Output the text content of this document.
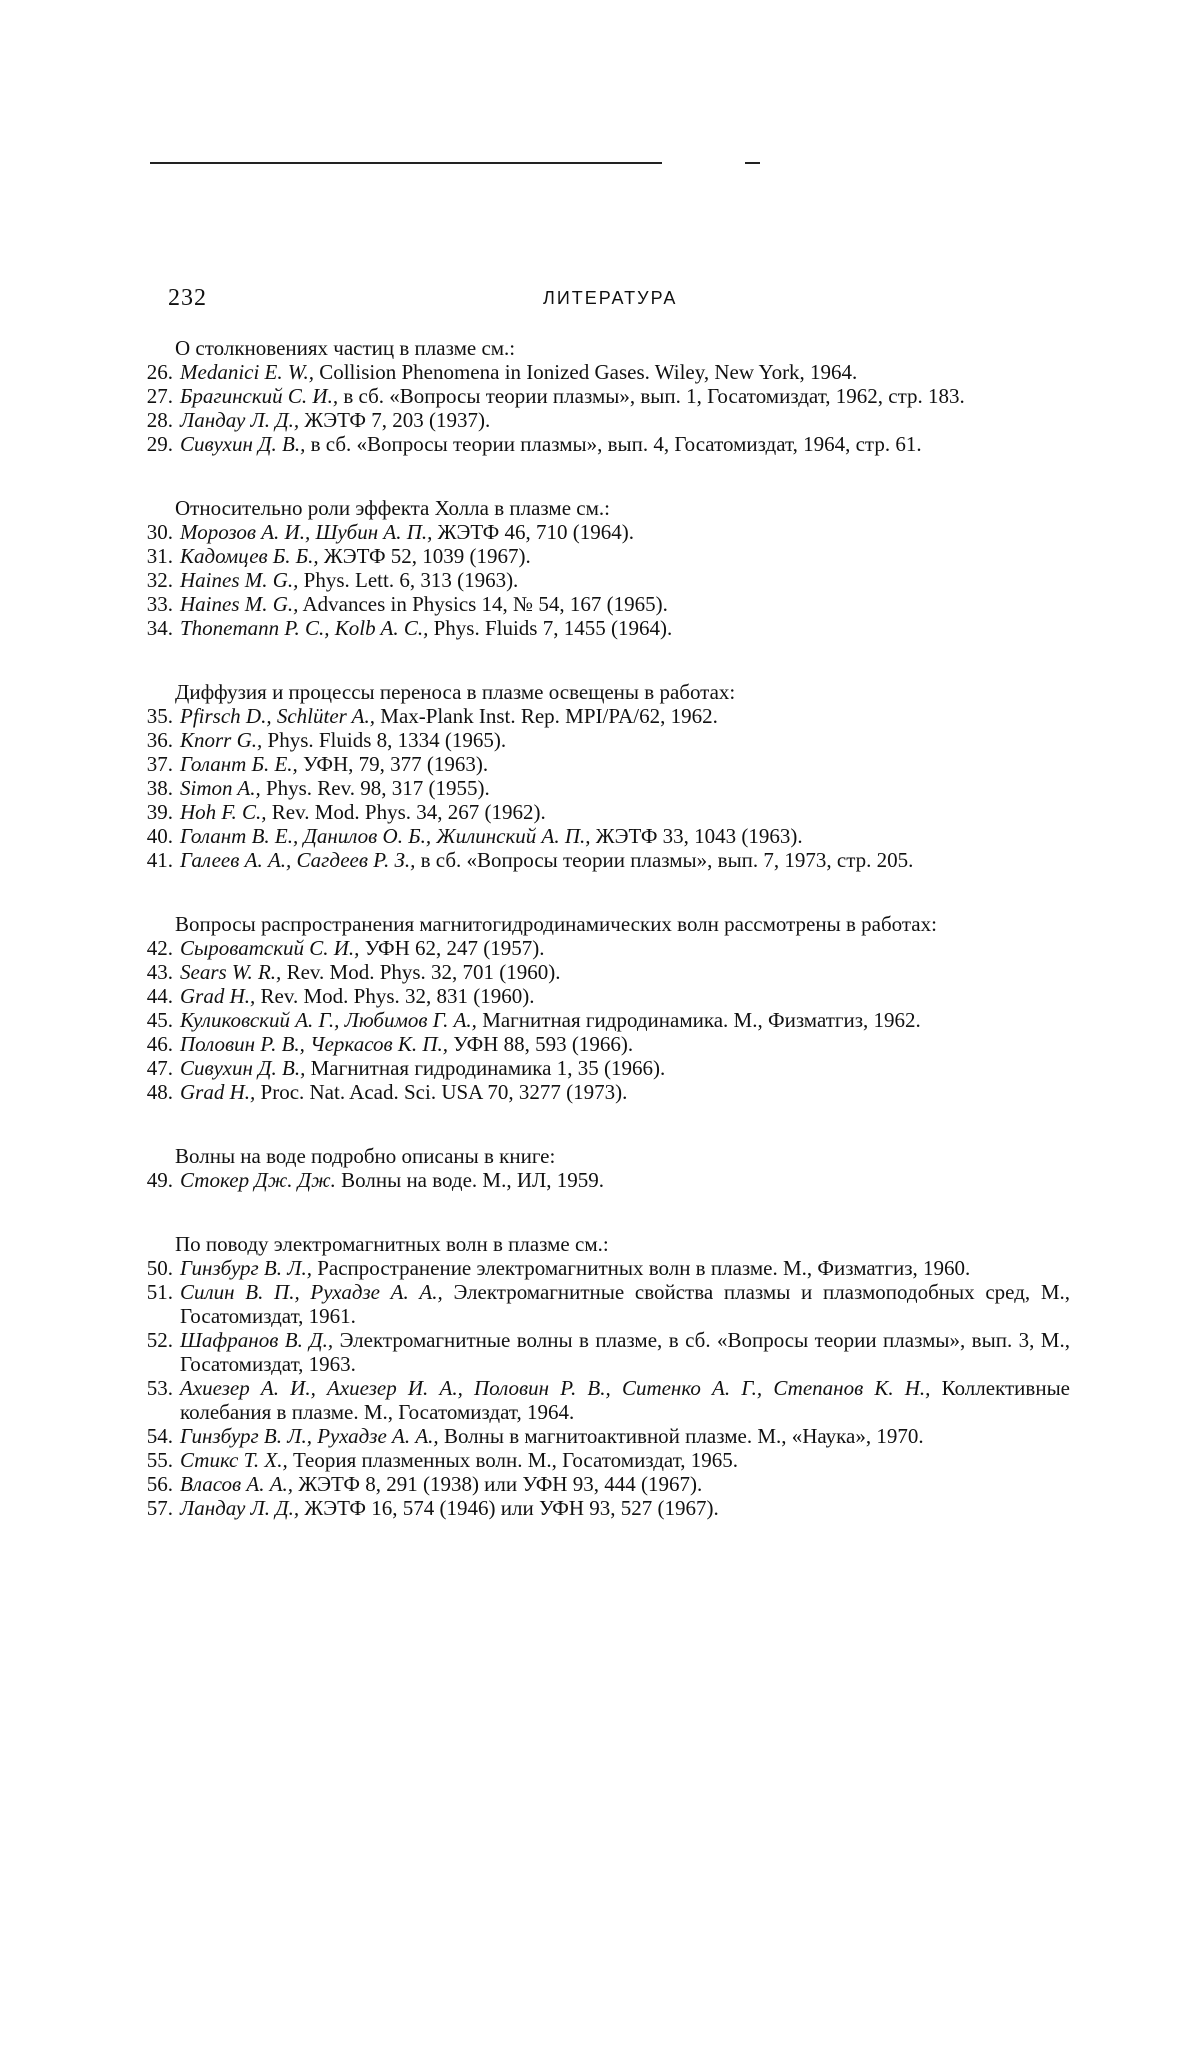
232	ЛИТЕРАТУРА
О столкновениях частиц в плазме см.:
26. Medanici E. W., Collision Phenomena in Ionized Gases. Wiley, New York, 1964.
27. Брагинский С. И., в сб. «Вопросы теории плазмы», вып. 1, Госатомиздат, 1962, стр. 183.
28. Ландау Л. Д., ЖЭТФ 7, 203 (1937).
29. Сивухин Д. В., в сб. «Вопросы теории плазмы», вып. 4, Госатомиздат, 1964, стр. 61.
Относительно роли эффекта Холла в плазме см.:
30. Морозов А. И., Шубин А. П., ЖЭТФ 46, 710 (1964).
31. Кадомцев Б. Б., ЖЭТФ 52, 1039 (1967).
32. Haines M. G., Phys. Lett. 6, 313 (1963).
33. Haines M. G., Advances in Physics 14, № 54, 167 (1965).
34. Thonemann P. C., Kolb A. C., Phys. Fluids 7, 1455 (1964).
Диффузия и процессы переноса в плазме освещены в работах:
35. Pfirsch D., Schlüter A., Max-Plank Inst. Rep. MPI/PA/62, 1962.
36. Knorr G., Phys. Fluids 8, 1334 (1965).
37. Голант Б. Е., УФН, 79, 377 (1963).
38. Simon A., Phys. Rev. 98, 317 (1955).
39. Hoh F. C., Rev. Mod. Phys. 34, 267 (1962).
40. Голант В. Е., Данилов О. Б., Жилинский А. П., ЖЭТФ 33, 1043 (1963).
41. Галеев А. А., Сагдеев Р. З., в сб. «Вопросы теории плазмы», вып. 7, 1973, стр. 205.
Вопросы распространения магнитогидродинамических волн рассмотрены в работах:
42. Сыроватский С. И., УФН 62, 247 (1957).
43. Sears W. R., Rev. Mod. Phys. 32, 701 (1960).
44. Grad H., Rev. Mod. Phys. 32, 831 (1960).
45. Куликовский А. Г., Любимов Г. А., Магнитная гидродинамика. М., Физматгиз, 1962.
46. Половин Р. В., Черкасов К. П., УФН 88, 593 (1966).
47. Сивухин Д. В., Магнитная гидродинамика 1, 35 (1966).
48. Grad H., Proc. Nat. Acad. Sci. USA 70, 3277 (1973).
Волны на воде подробно описаны в книге:
49. Стокер Дж. Дж. Волны на воде. М., ИЛ, 1959.
По поводу электромагнитных волн в плазме см.:
50. Гинзбург В. Л., Распространение электромагнитных волн в плазме. М., Физматгиз, 1960.
51. Силин В. П., Рухадзе А. А., Электромагнитные свойства плазмы и плазмоподобных сред, М., Госатомиздат, 1961.
52. Шафранов В. Д., Электромагнитные волны в плазме, в сб. «Вопросы теории плазмы», вып. 3, М., Госатомиздат, 1963.
53. Ахиезер А. И., Ахиезер И. А., Половин Р. В., Ситенко А. Г., Степанов К. Н., Коллективные колебания в плазме. М., Госатомиздат, 1964.
54. Гинзбург В. Л., Рухадзе А. А., Волны в магнитоактивной плазме. М., «Наука», 1970.
55. Стикс Т. Х., Теория плазменных волн. М., Госатомиздат, 1965.
56. Власов А. А., ЖЭТФ 8, 291 (1938) или УФН 93, 444 (1967).
57. Ландау Л. Д., ЖЭТФ 16, 574 (1946) или УФН 93, 527 (1967).
